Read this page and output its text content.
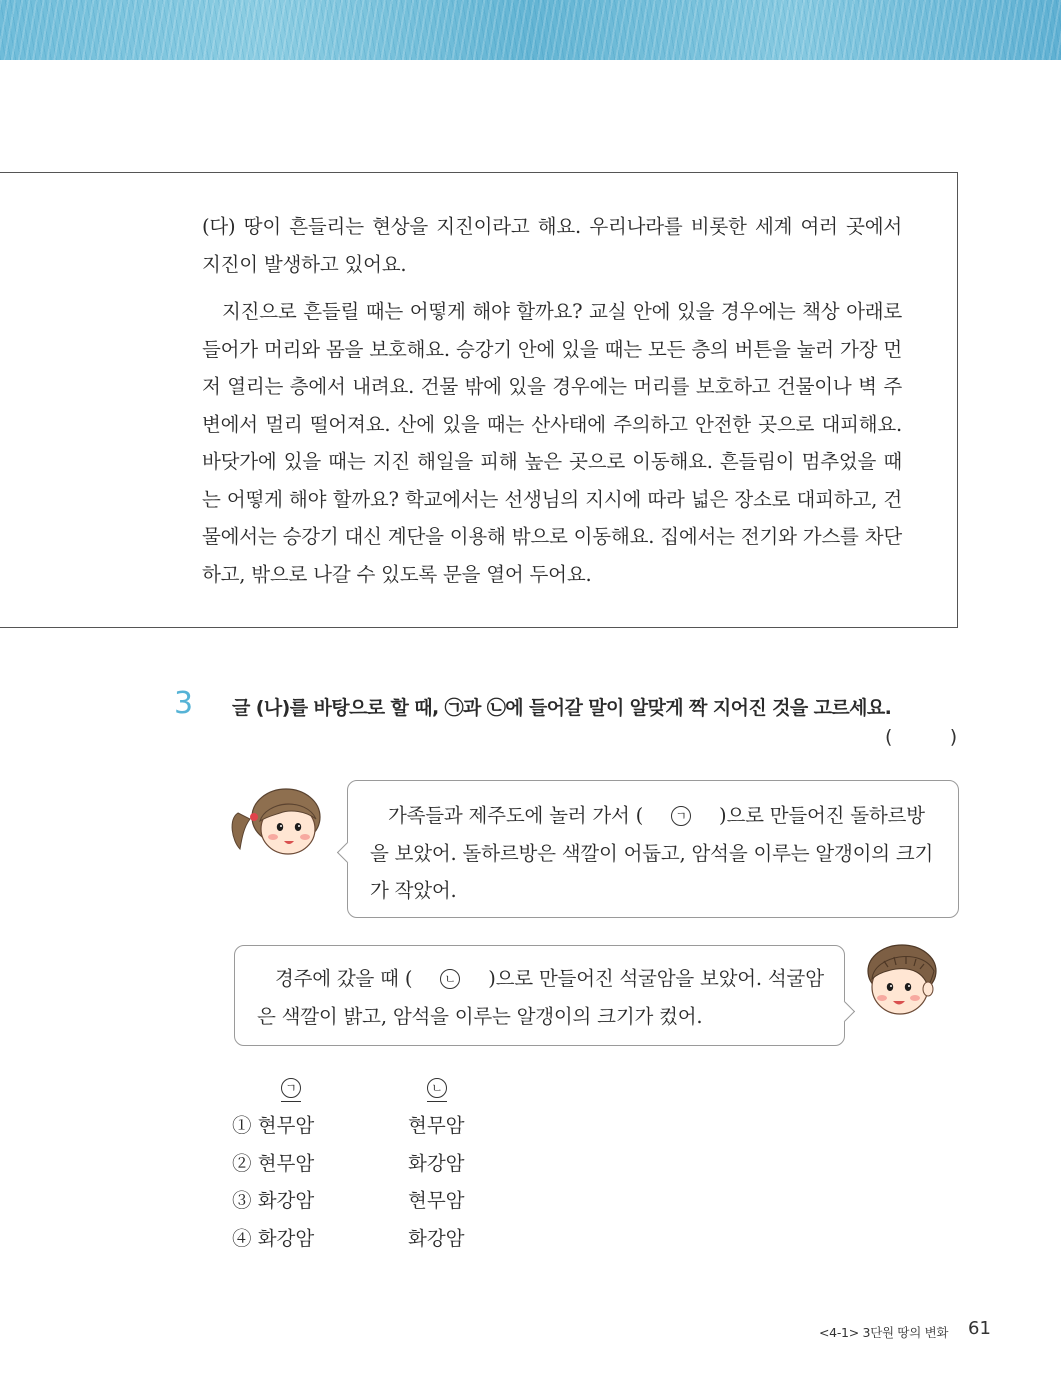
(다) 땅이 흔들리는 현상을 지진이라고 해요. 우리나라를 비롯한 세계 여러 곳에서 지진이 발생하고 있어요.

지진으로 흔들릴 때는 어떻게 해야 할까요? 교실 안에 있을 경우에는 책상 아래로 들어가 머리와 몸을 보호해요. 승강기 안에 있을 때는 모든 층의 버튼을 눌러 가장 먼저 열리는 층에서 내려요. 건물 밖에 있을 경우에는 머리를 보호하고 건물이나 벽 주변에서 멀리 떨어져요. 산에 있을 때는 산사태에 주의하고 안전한 곳으로 대피해요. 바닷가에 있을 때는 지진 해일을 피해 높은 곳으로 이동해요. 흔들림이 멈추었을 때는 어떻게 해야 할까요? 학교에서는 선생님의 지시에 따라 넓은 장소로 대피하고, 건물에서는 승강기 대신 계단을 이용해 밖으로 이동해요. 집에서는 전기와 가스를 차단하고, 밖으로 나갈 수 있도록 문을 열어 두어요.

3 글 (나)를 바탕으로 할 때, ㉠과 ㉡에 들어갈 말이 알맞게 짝 지어진 것을 고르세요.
(        )
가족들과 제주도에 놀러 가서 (	ㄱ )으로 만들어진 돌하르방을 보았어. 돌하르방은 색깔이 어둡고, 암석을 이루는 알갱이의 크기가 작았어.
경주에 갔을 때 (	ㄴ )으로 만들어진 석굴암을 보았어. 석굴암은 색깔이 밝고, 암석을 이루는 알갱이의 크기가 컸어.
ㄱ	ㄴ
① 현무암	현무암
② 현무암	화강암
③ 화강암	현무암
④ 화강암	화강암
<4-1> 3단원 땅의 변화 61
